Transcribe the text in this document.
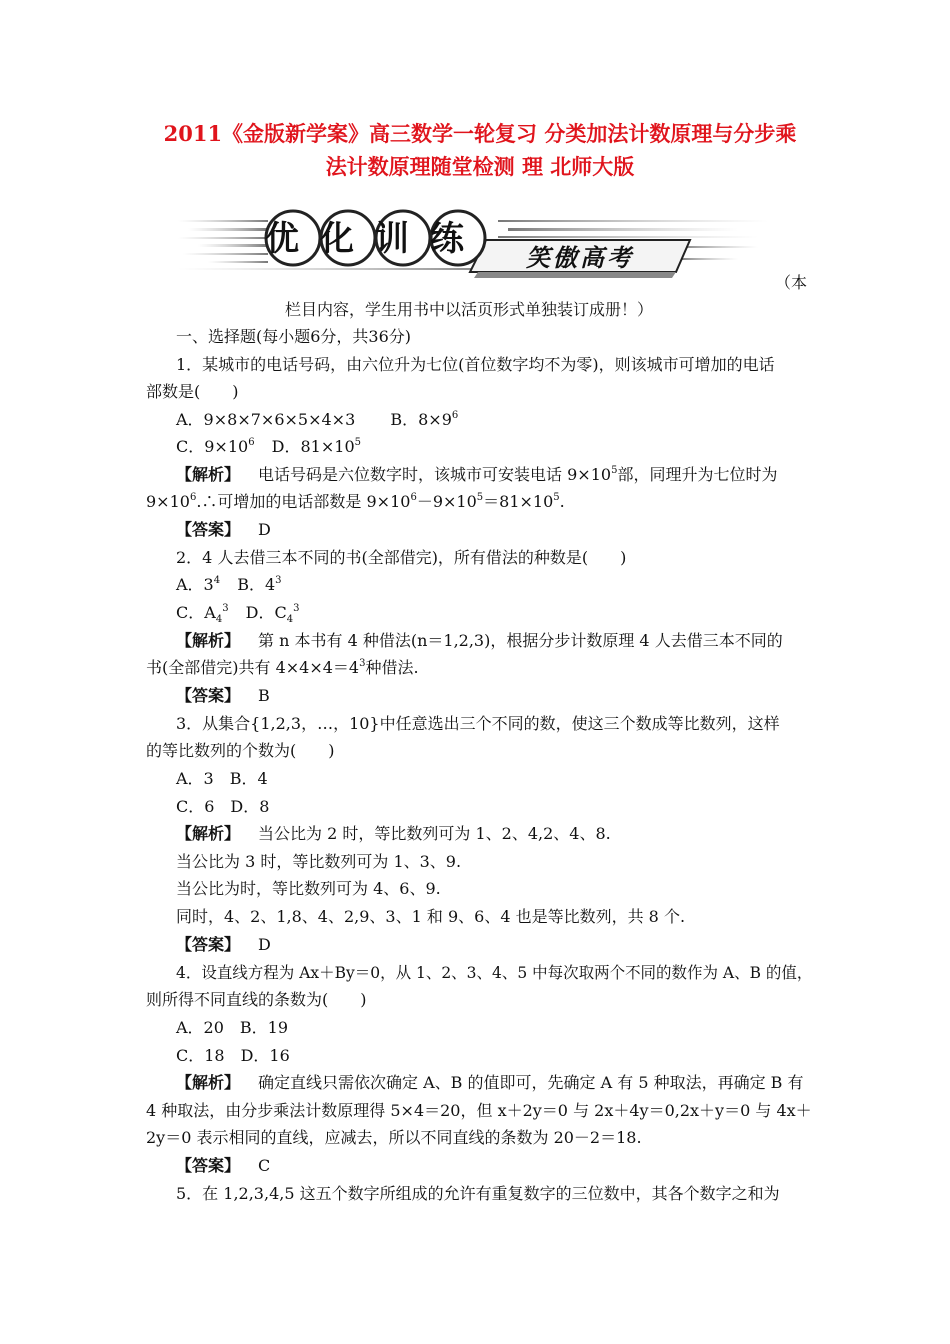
2011《金版新学案》高三数学一轮复习 分类加法计数原理与分步乘
法计数原理随堂检测 理 北师大版
优化训练 笑傲高考
（本
栏目内容，学生用书中以活页形式单独装订成册！）
一、选择题(每小题6分，共36分)
1．某城市的电话号码，由六位升为七位(首位数字均不为零)，则该城市可增加的电话
部数是(　　)
A．9×8×7×6×5×4×3 B．$8\times 9^6$
C．$9\times 10^6$ D．$81\times 10^5$
【解析】 电话号码是六位数字时，该城市可安装电话 $9\times 10^5$部，同理升为七位时为
$9\times 10^6.\therefore$可增加的电话部数是 $9\times 10^6-9\times 10^5=81\times 10^5$.
【答案】 D
2．4 人去借三本不同的书(全部借完)，所有借法的种数是(　　)
A．$3^4$ B．$4^3$
C．$A_4^3$ D．$C_4^3$
【解析】 第 n 本书有 4 种借法(n＝1,2,3)，根据分步计数原理 4 人去借三本不同的
书(全部借完)共有 $4\times 4\times 4=4^3$种借法.
【答案】 B
3．从集合{1,2,3，…，10}中任意选出三个不同的数，使这三个数成等比数列，这样
的等比数列的个数为(　　)
A．3　B．4
C．6　D．8
【解析】 当公比为 2 时，等比数列可为 1、2、4,2、4、8.
当公比为 3 时，等比数列可为 1、3、9.
当公比为时，等比数列可为 4、6、9.
同时，4、2、1,8、4、2,9、3、1 和 9、6、4 也是等比数列，共 8 个.
【答案】 D
4．设直线方程为 Ax＋By＝0，从 1、2、3、4、5 中每次取两个不同的数作为 A、B 的值，
则所得不同直线的条数为(　　)
A．20　B．19
C．18　D．16
【解析】 确定直线只需依次确定 A、B 的值即可，先确定 A 有 5 种取法，再确定 B 有
4 种取法，由分步乘法计数原理得 5×4＝20，但 x＋2y＝0 与 2x＋4y＝0,2x＋y＝0 与 4x＋
2y＝0 表示相同的直线，应减去，所以不同直线的条数为 20－2＝18.
【答案】 C
5．在 1,2,3,4,5 这五个数字所组成的允许有重复数字的三位数中，其各个数字之和为
